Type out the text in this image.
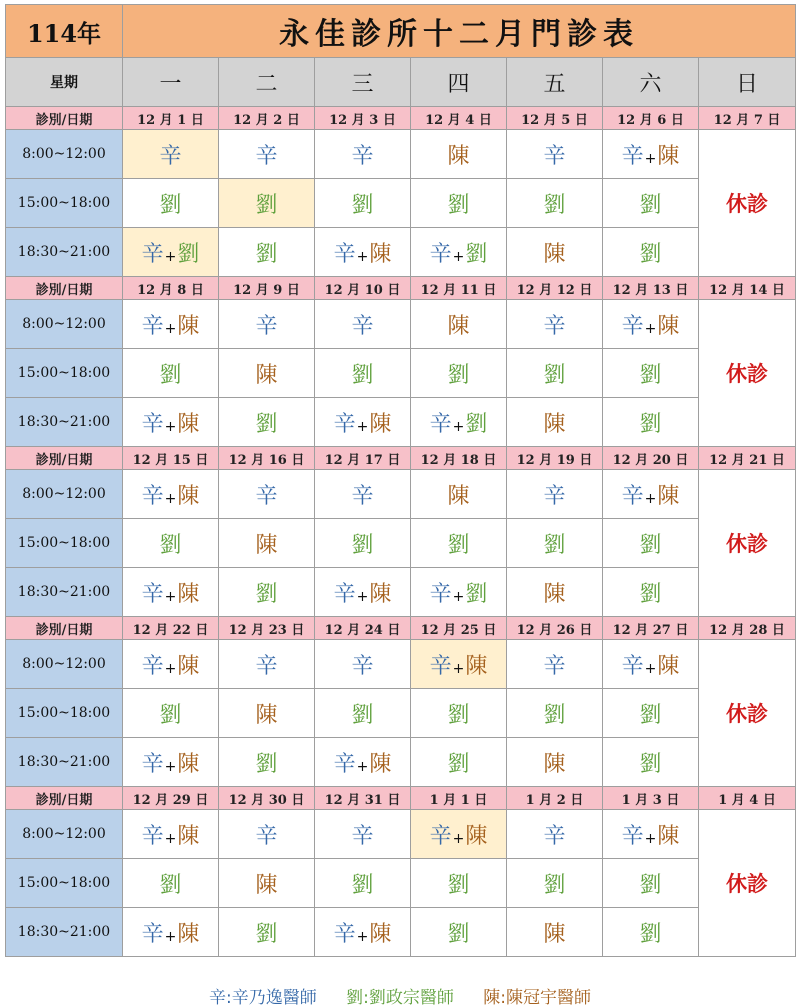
114年	永佳診所十二月門診表						
星期	一	二	三	四	五	六	日
診別/日期	12 月 1 日	12 月 2 日	12 月 3 日	12 月 4 日	12 月 5 日	12 月 6 日	12 月 7 日
8:00~12:00	辛	辛	辛	陳	辛	辛+陳	休診
15:00~18:00	劉	劉	劉	劉	劉	劉	
18:30~21:00	辛+劉	劉	辛+陳	辛+劉	陳	劉	
診別/日期	12 月 8 日	12 月 9 日	12 月 10 日	12 月 11 日	12 月 12 日	12 月 13 日	12 月 14 日
8:00~12:00	辛+陳	辛	辛	陳	辛	辛+陳	休診
15:00~18:00	劉	陳	劉	劉	劉	劉	
18:30~21:00	辛+陳	劉	辛+陳	辛+劉	陳	劉	
診別/日期	12 月 15 日	12 月 16 日	12 月 17 日	12 月 18 日	12 月 19 日	12 月 20 日	12 月 21 日
8:00~12:00	辛+陳	辛	辛	陳	辛	辛+陳	休診
15:00~18:00	劉	陳	劉	劉	劉	劉	
18:30~21:00	辛+陳	劉	辛+陳	辛+劉	陳	劉	
診別/日期	12 月 22 日	12 月 23 日	12 月 24 日	12 月 25 日	12 月 26 日	12 月 27 日	12 月 28 日
8:00~12:00	辛+陳	辛	辛	辛+陳	辛	辛+陳	休診
15:00~18:00	劉	陳	劉	劉	劉	劉	
18:30~21:00	辛+陳	劉	辛+陳	劉	陳	劉	
診別/日期	12 月 29 日	12 月 30 日	12 月 31 日	1 月 1 日	1 月 2 日	1 月 3 日	1 月 4 日
8:00~12:00	辛+陳	辛	辛	辛+陳	辛	辛+陳	休診
15:00~18:00	劉	陳	劉	劉	劉	劉	
18:30~21:00	辛+陳	劉	辛+陳	劉	陳	劉	
辛:辛乃逸醫師 劉:劉政宗醫師 陳:陳冠宇醫師
